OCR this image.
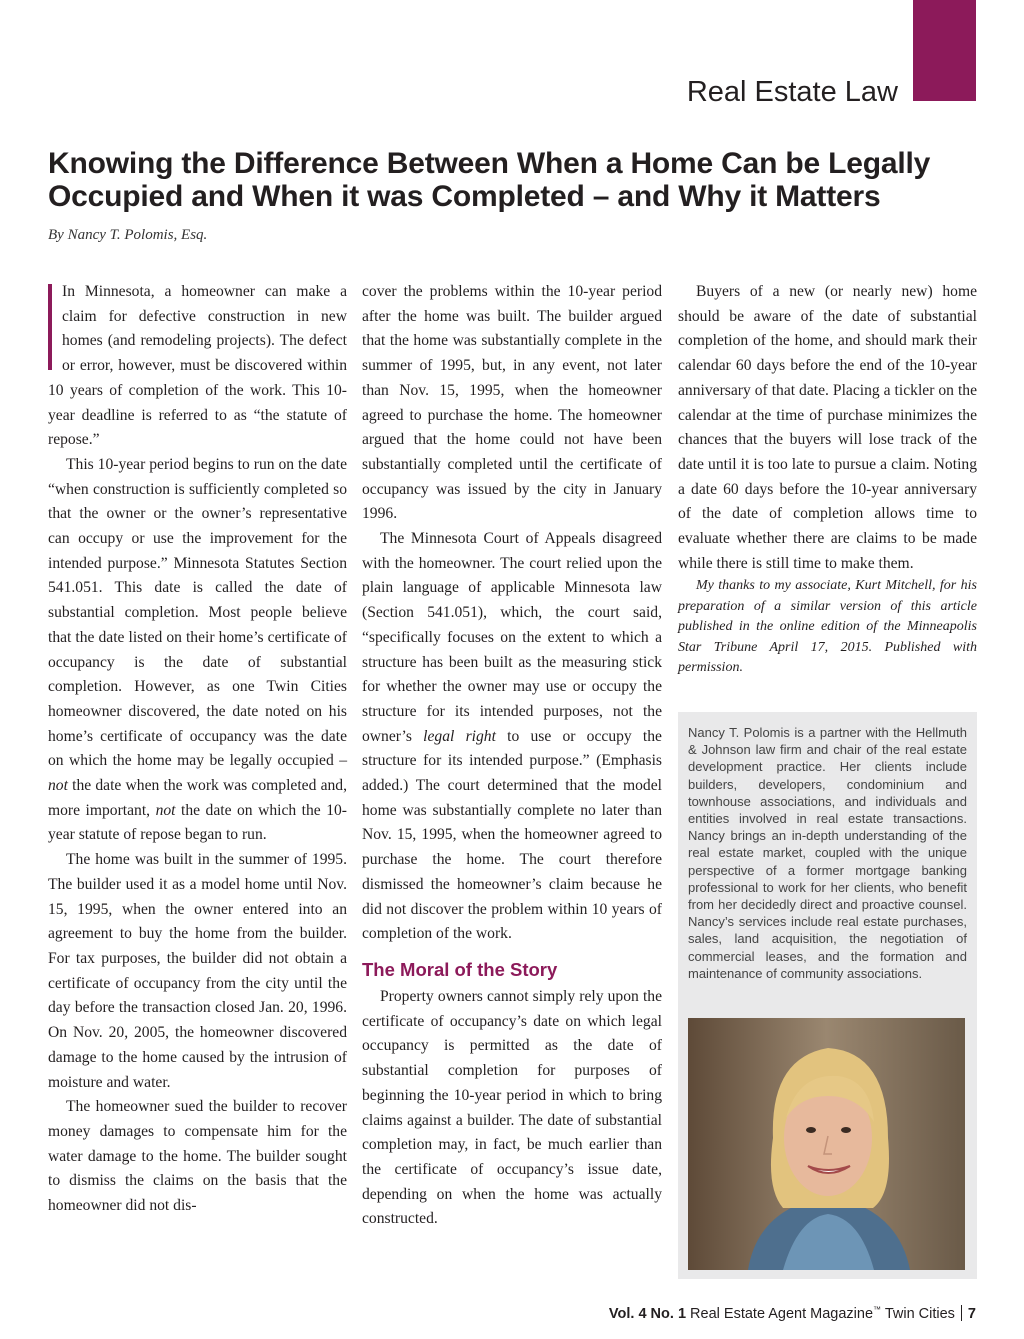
Real Estate Law
Knowing the Difference Between When a Home Can be Legally Occupied and When it was Completed – and Why it Matters
By Nancy T. Polomis, Esq.

In Minnesota, a homeowner can make a claim for defective construction in new homes (and remodeling projects). The defect or error, however, must be discovered within 10 years of completion of the work. This 10-year deadline is referred to as “the statute of repose.”

This 10-year period begins to run on the date “when construction is sufficiently completed so that the owner or the owner’s representative can occupy or use the improvement for the intended purpose.” Minnesota Statutes Section 541.051. This date is called the date of substantial completion. Most people believe that the date listed on their home’s certificate of occupancy is the date of substantial completion. However, as one Twin Cities homeowner discovered, the date noted on his home’s certificate of occupancy was the date on which the home may be legally occupied – not the date when the work was completed and, more important, not the date on which the 10-year statute of repose began to run.

The home was built in the summer of 1995. The builder used it as a model home until Nov. 15, 1995, when the owner entered into an agreement to buy the home from the builder. For tax purposes, the builder did not obtain a certificate of occupancy from the city until the day before the transaction closed Jan. 20, 1996. On Nov. 20, 2005, the homeowner discovered damage to the home caused by the intrusion of moisture and water.

The homeowner sued the builder to recover money damages to compensate him for the water damage to the home. The builder sought to dismiss the claims on the basis that the homeowner did not dis-

cover the problems within the 10-year period after the home was built. The builder argued that the home was substantially complete in the summer of 1995, but, in any event, not later than Nov. 15, 1995, when the homeowner agreed to purchase the home. The homeowner argued that the home could not have been substantially completed until the certificate of occupancy was issued by the city in January 1996.

The Minnesota Court of Appeals disagreed with the homeowner. The court relied upon the plain language of applicable Minnesota law (Section 541.051), which, the court said, “specifically focuses on the extent to which a structure has been built as the measuring stick for whether the owner may use or occupy the structure for its intended purposes, not the owner’s legal right to use or occupy the structure for its intended purpose.” (Emphasis added.) The court determined that the model home was substantially complete no later than Nov. 15, 1995, when the homeowner agreed to purchase the home. The court therefore dismissed the homeowner’s claim because he did not discover the problem within 10 years of completion of the work.

The Moral of the Story

Property owners cannot simply rely upon the certificate of occupancy’s date on which legal occupancy is permitted as the date of substantial completion for purposes of beginning the 10-year period in which to bring claims against a builder. The date of substantial completion may, in fact, be much earlier than the certificate of occupancy’s issue date, depending on when the home was actually constructed.

Buyers of a new (or nearly new) home should be aware of the date of substantial completion of the home, and should mark their calendar 60 days before the end of the 10-year anniversary of that date. Placing a tickler on the calendar at the time of purchase minimizes the chances that the buyers will lose track of the date until it is too late to pursue a claim. Noting a date 60 days before the 10-year anniversary of the date of completion allows time to evaluate whether there are claims to be made while there is still time to make them.

My thanks to my associate, Kurt Mitchell, for his preparation of a similar version of this article published in the online edition of the Minneapolis Star Tribune April 17, 2015. Published with permission.

Nancy T. Polomis is a partner with the Hellmuth & Johnson law firm and chair of the real estate development practice. Her clients include builders, developers, condominium and townhouse associations, and individuals and entities involved in real estate transactions. Nancy brings an in-depth understanding of the real estate market, coupled with the unique perspective of a former mortgage banking professional to work for her clients, who benefit from her decidedly direct and proactive counsel. Nancy’s services include real estate purchases, sales, land acquisition, the negotiation of commercial leases, and the formation and maintenance of community associations.
Vol. 4 No. 1 Real Estate Agent Magazine™ Twin Cities 7
